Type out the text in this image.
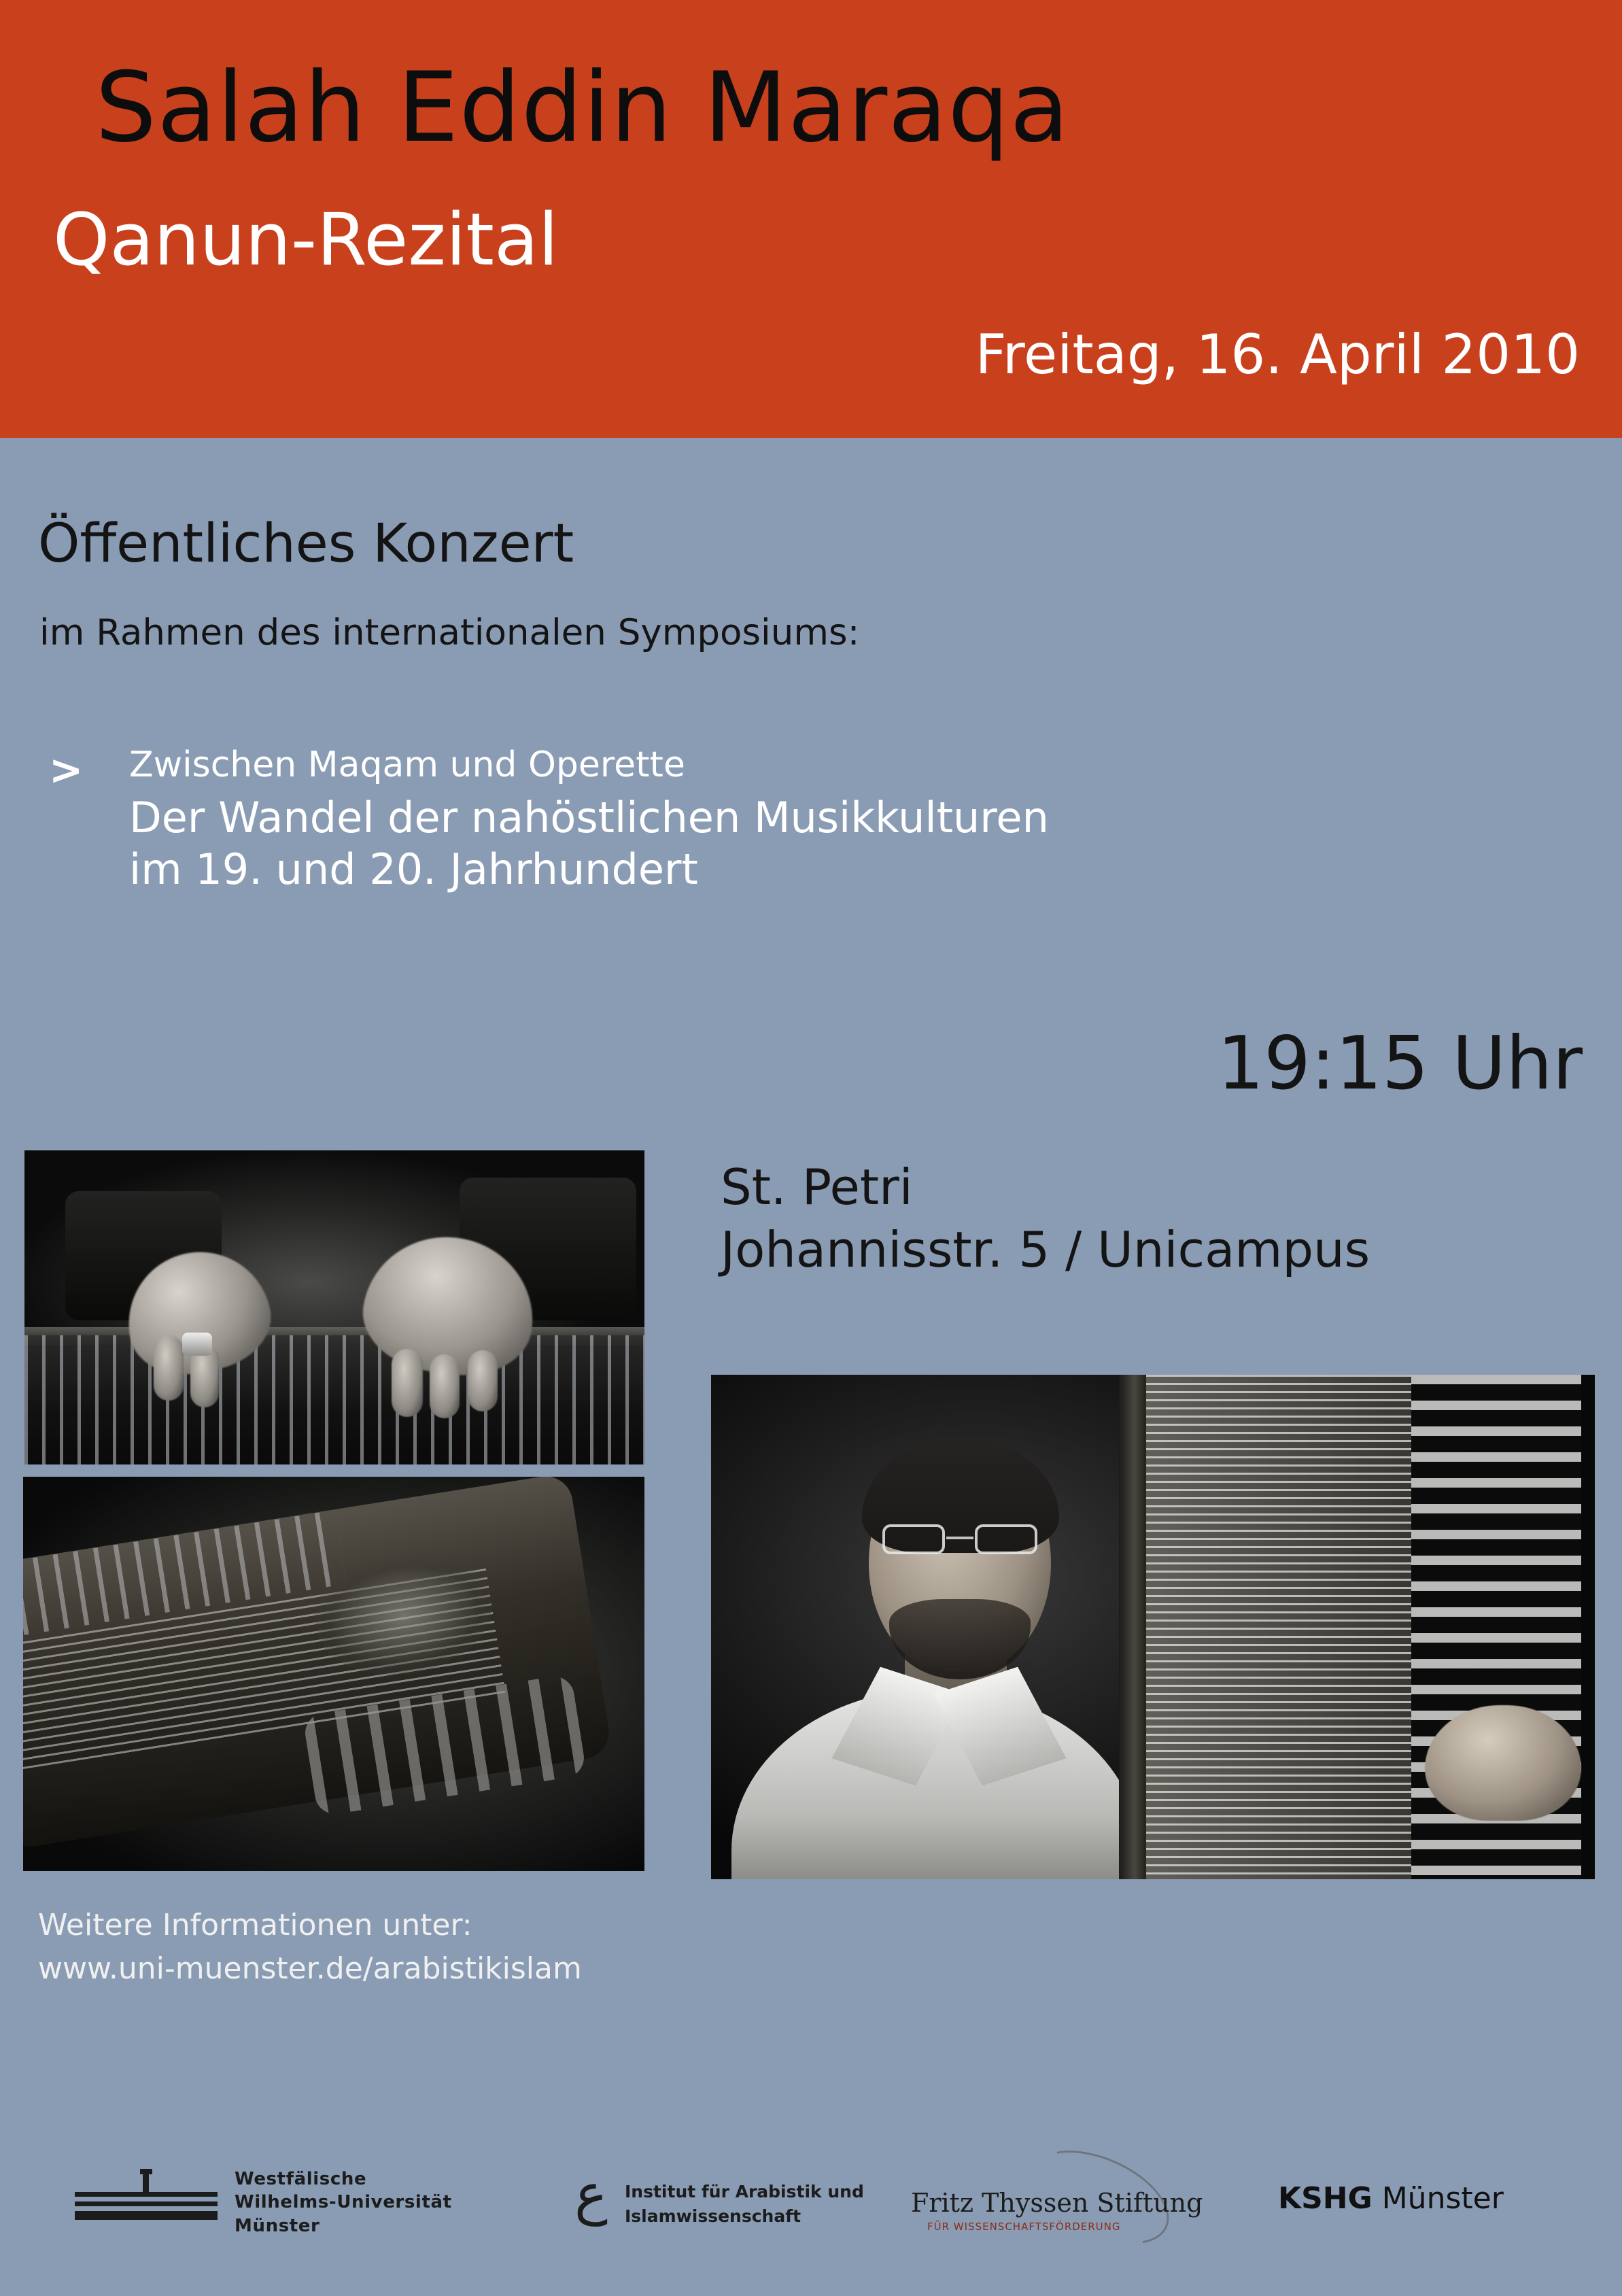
Salah Eddin Maraqa
Qanun-Rezital
Freitag, 16. April 2010
Öffentliches Konzert
im Rahmen des internationalen Symposiums:
> Zwischen Maqam und Operette
Der Wandel der nahöstlichen Musikkulturen
im 19. und 20. Jahrhundert
19:15 Uhr
St. Petri
Johannisstr. 5 / Unicampus
Weitere Informationen unter:
www.uni-muenster.de/arabistikislam
Westfälische
Wilhelms-Universität
Münster	ع	Institut für Arabistik und
Islamwissenschaft	Fritz Thyssen Stiftung
FÜR WISSENSCHAFTSFÖRDERUNG
KSHG Münster
